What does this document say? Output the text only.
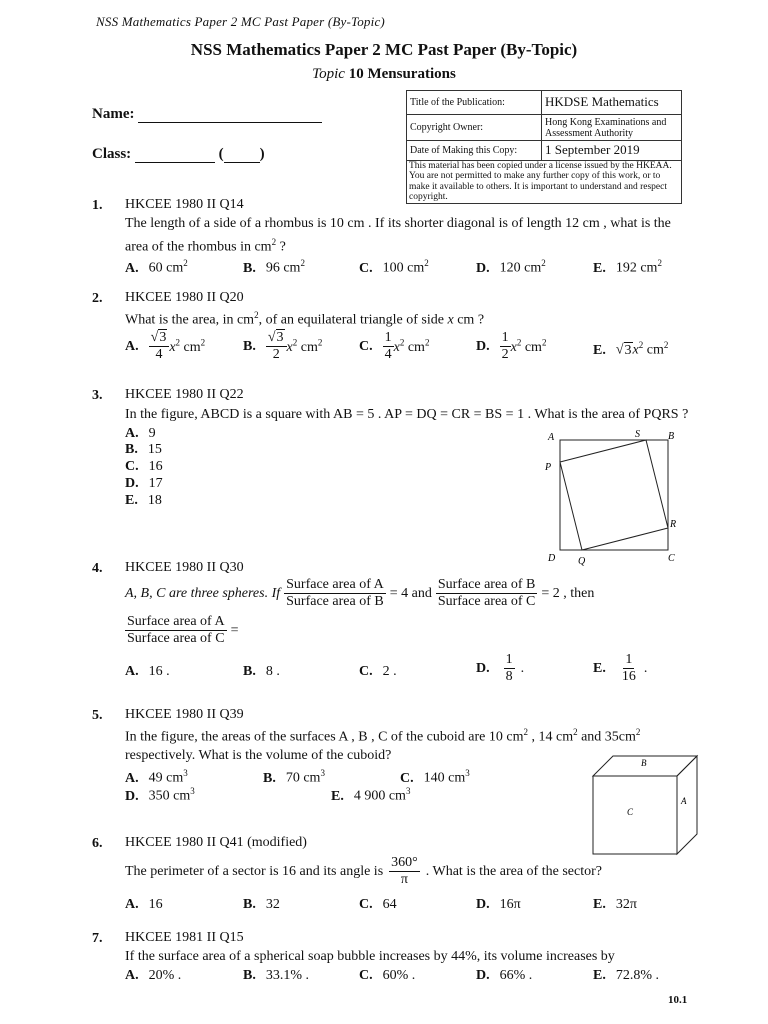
NSS Mathematics Paper 2 MC Past Paper (By-Topic)
NSS Mathematics Paper 2 MC Past Paper (By-Topic)
Topic 10 Mensurations
Name:
Class:	( )
Title of the Publication:	HKDSE Mathematics
Copyright Owner:	Hong Kong Examinations and Assessment Authority
Date of Making this Copy:	1 September 2019
This material has been copied under a license issued by the HKEAA. You are not permitted to make any further copy of this work, or to make it available to others. It is important to understand and respect copyright.	
1. HKCEE 1980 II Q14
The length of a side of a rhombus is 10 cm . If its shorter diagonal is of length 12 cm , what is the
area of the rhombus in $cm^2$ ?
A. 60 $cm^2$	B. 96 $cm^2$	C. 100 $cm^2$	D. 120 $cm^2$	E. 192 $cm^2$
2. HKCEE 1980 II Q20
What is the area, in $cm^2$, of an equilateral triangle of side x cm ?
A. $\frac{√3}{4} x^2$ $cm^2$	B. $\frac{√3}{2} x^2$ $cm^2$	C. $\frac{1}{4} x^2$ $cm^2$	D. $\frac{1}{2} x^2$ $cm^2$
E. $√3x^2$ $cm^2$
3. HKCEE 1980 II Q22
In the figure, ABCD is a square with AB = 5 . AP = DQ = CR = BS = 1 . What is the area of PQRS ?
A. 9
B. 15
C. 16
D. 17
E. 18
A	S	B
P
R
D Q	C
4. HKCEE 1980 II Q30
A, B, C are three spheres. If $\frac{\text{Surface area of A}}{\text{Surface area of B}} = 4$ and $\frac{\text{Surface area of B}}{\text{Surface area of C}} = 2$ , then
$\frac{\text{Surface area of A}}{\text{Surface area of C}}$ =
A. 16 .	B. 8 .	C. 2 .	D. $\frac{1}{8}$ .	E. $\frac{1}{16}$ .
5. HKCEE 1980 II Q39
In the figure, the areas of the surfaces A , B , C of the cuboid are 10 $cm^2$ , 14 $cm^2$ and $35cm^2$
respectively. What is the volume of the cuboid?
A. 49 $cm^3$	B. 70 $cm^3$	C. 140 $cm^3$
D. 350 $cm^3$	E. 4 900 $cm^3$
B
C
A
6. HKCEE 1980 II Q41 (modified)
The perimeter of a sector is 16 and its angle is $\frac{360^\circ}{\pi}$ . What is the area of the sector?
A. 16	B. 32	C. 64	D. 16π	E. 32π
7. HKCEE 1981 II Q15
If the surface area of a spherical soap bubble increases by 44%, its volume increases by
A. 20% .	B. 33.1% .	C. 60% .	D. 66% .	E. 72.8% .
10.1
